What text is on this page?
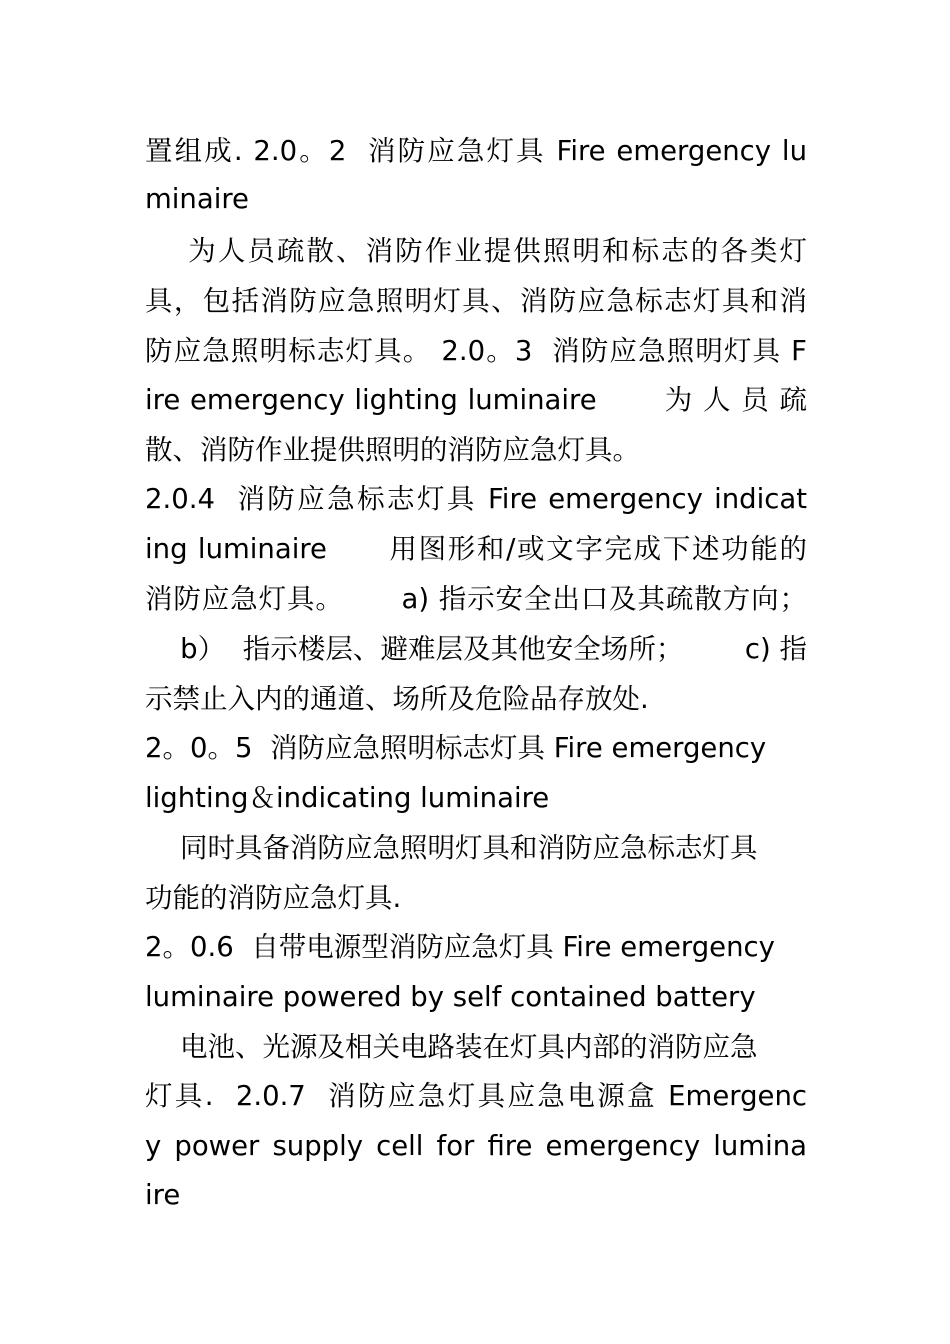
置组成. 2.0。2  消防应急灯具 Fire emergency lu
minaire
为人员疏散、消防作业提供照明和标志的各类灯
具，包括消防应急照明灯具、消防应急标志灯具和消
防应急照明标志灯具。 2.0。3  消防应急照明灯具 F
ire emergency lighting luminaire       为 人 员 疏
散、消防作业提供照明的消防应急灯具。
2.0.4  消防应急标志灯具 Fire emergency indicat
ing luminaire      用图形和/或文字完成下述功能的
消防应急灯具。      a) 指示安全出口及其疏散方向；
b）  指示楼层、避难层及其他安全场所；       c) 指
示禁止入内的通道、场所及危险品存放处.
2。0。5  消防应急照明标志灯具 Fire emergency
lighting＆indicating luminaire
同时具备消防应急照明灯具和消防应急标志灯具
功能的消防应急灯具.
2。0.6  自带电源型消防应急灯具 Fire emergency
luminaire powered by self contained battery
电池、光源及相关电路装在灯具内部的消防应急
灯具.  2.0.7  消防应急灯具应急电源盒 Emergenc
y power supply cell for fire emergency lumina
ire
